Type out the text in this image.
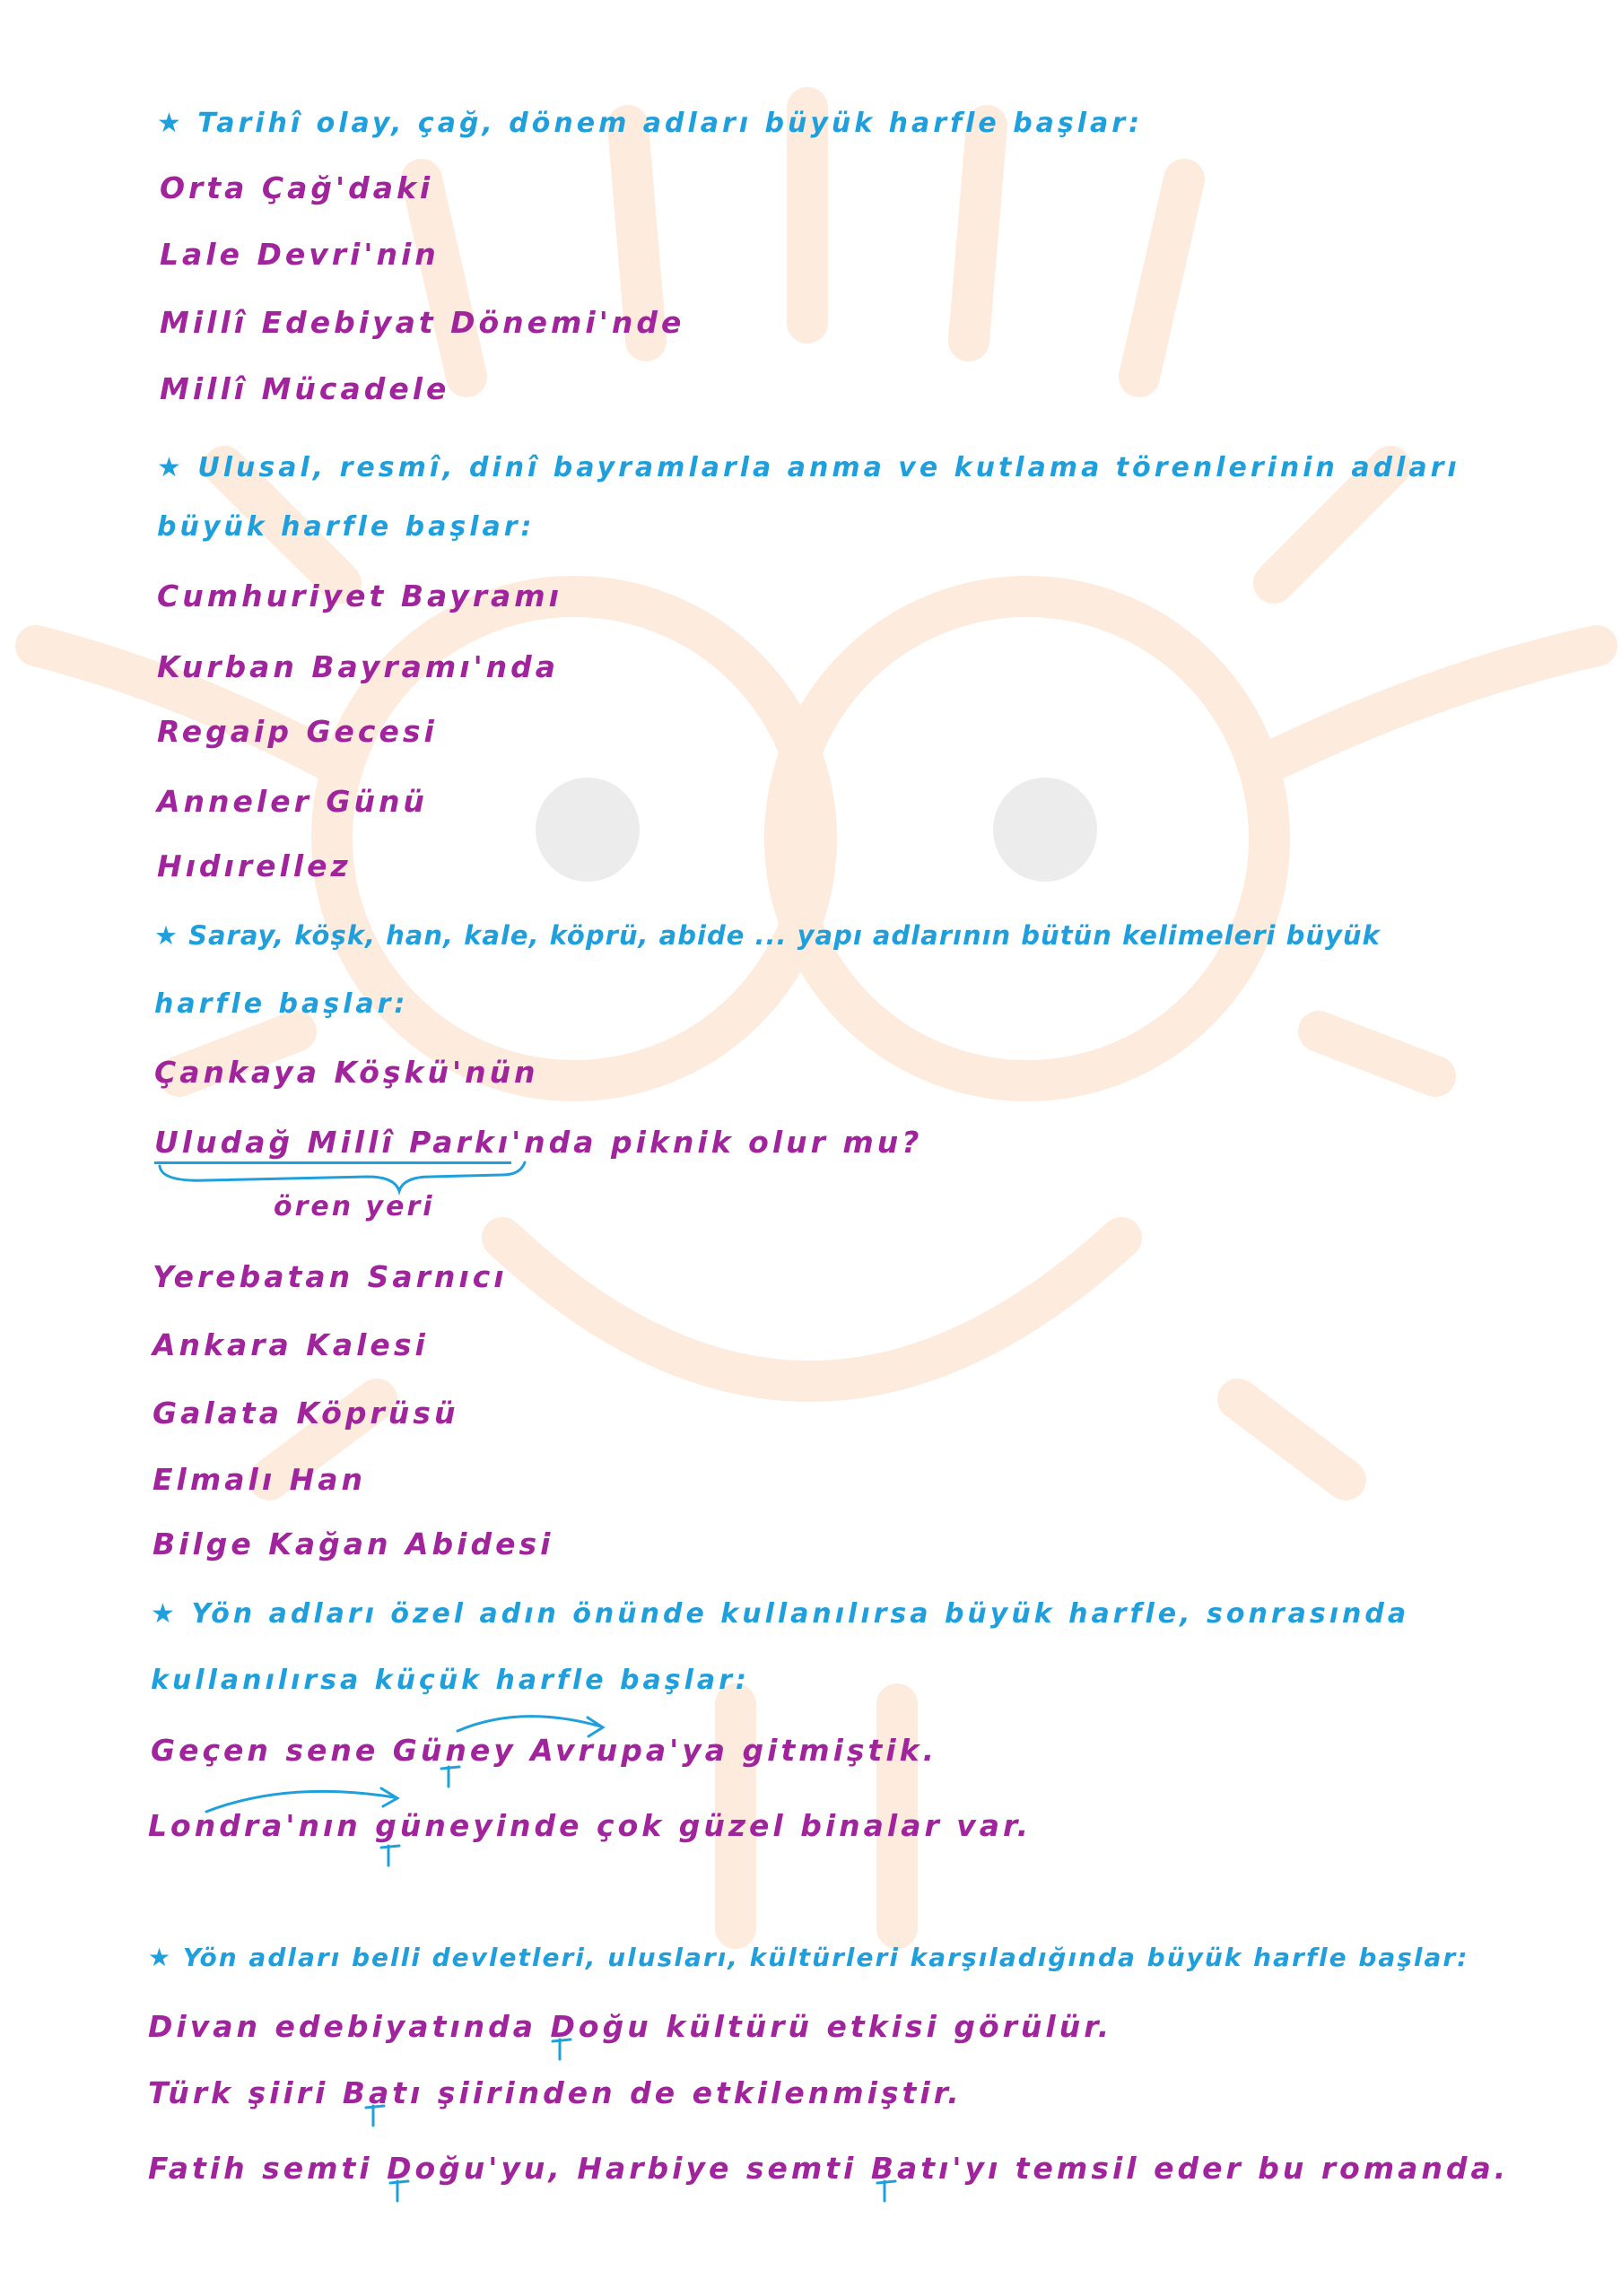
★ Tarihî olay, çağ, dönem adları büyük harfle başlar:
Orta Çağ'daki
Lale Devri'nin
Millî Edebiyat Dönemi'nde
Millî Mücadele
★ Ulusal, resmî, dinî bayramlarla anma ve kutlama törenlerinin adları
büyük harfle başlar:
Cumhuriyet Bayramı
Kurban Bayramı'nda
Regaip Gecesi
Anneler Günü
Hıdırellez
★ Saray, köşk, han, kale, köprü, abide ... yapı adlarının bütün kelimeleri büyük
harfle başlar:
Çankaya Köşkü'nün
Uludağ Millî Parkı'nda piknik olur mu?
ören yeri
Yerebatan Sarnıcı
Ankara Kalesi
Galata Köprüsü
Elmalı Han
Bilge Kağan Abidesi
★ Yön adları özel adın önünde kullanılırsa büyük harfle, sonrasında
kullanılırsa küçük harfle başlar:
Geçen sene Güney Avrupa'ya gitmiştik.
Londra'nın güneyinde çok güzel binalar var.
★ Yön adları belli devletleri, ulusları, kültürleri karşıladığında büyük harfle başlar:
Divan edebiyatında Doğu kültürü etkisi görülür.
Türk şiiri Batı şiirinden de etkilenmiştir.
Fatih semti Doğu'yu, Harbiye semti Batı'yı temsil eder bu romanda.
